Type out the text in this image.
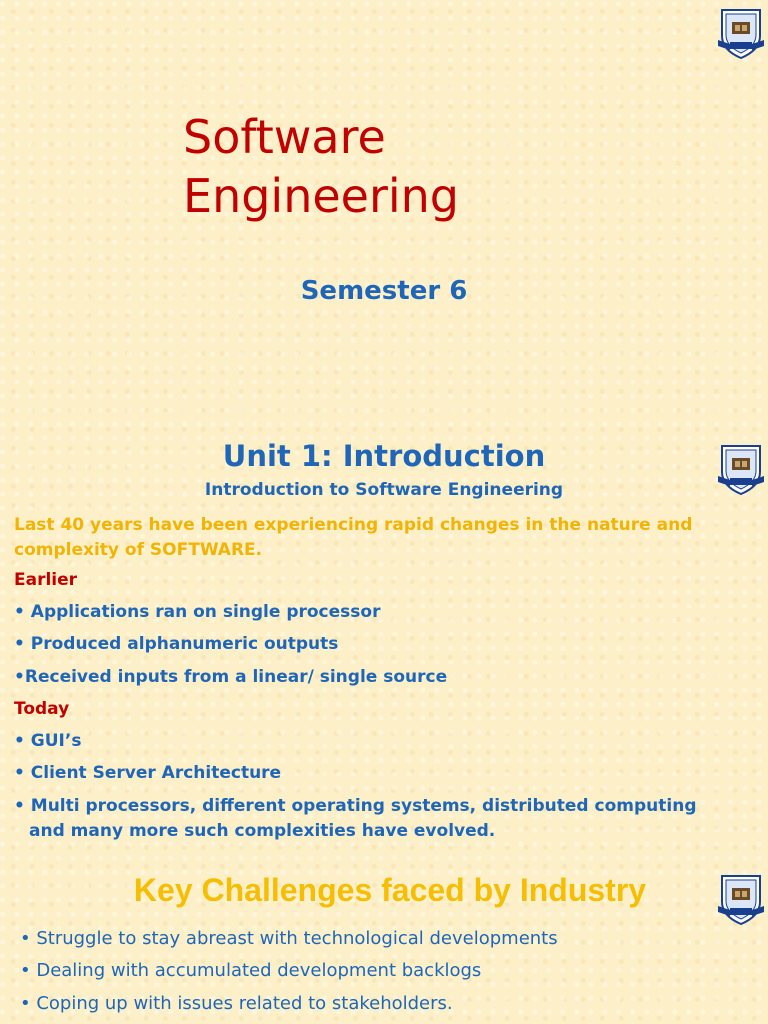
Software
Engineering
Semester 6
Unit 1: Introduction
Introduction to Software Engineering
Last 40 years have been experiencing rapid changes in the nature and complexity of SOFTWARE.
Earlier
• Applications ran on single processor
• Produced alphanumeric outputs
•Received inputs from a linear/ single source
Today
• GUI’s
• Client Server Architecture
• Multi processors, different operating systems, distributed computing and many more such complexities have evolved.
Key Challenges faced by Industry
• Struggle to stay abreast with technological developments
• Dealing with accumulated development backlogs
• Coping up with issues related to stakeholders.
